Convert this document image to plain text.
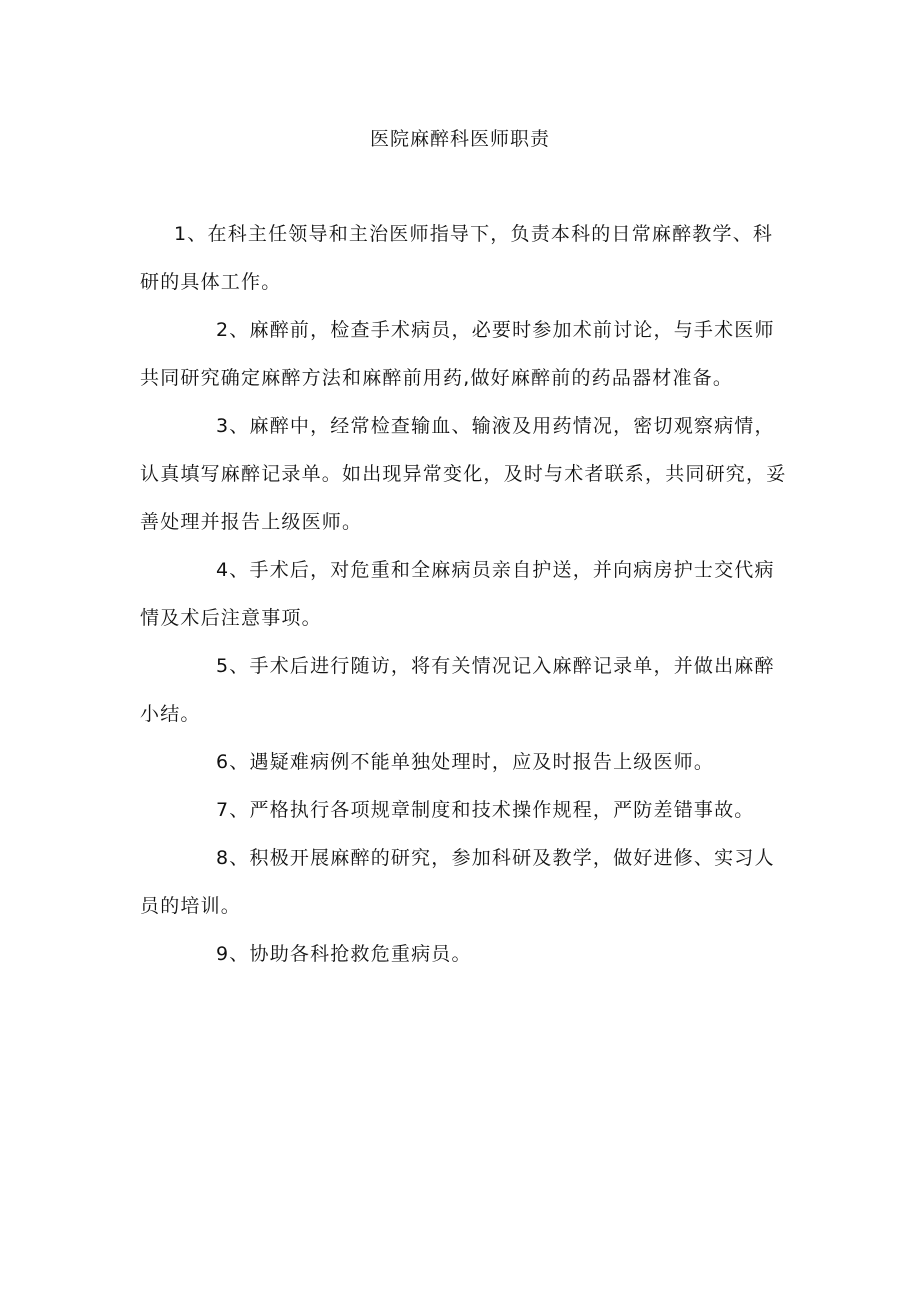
医院麻醉科医师职责

1、在科主任领导和主治医师指导下，负责本科的日常麻醉教学、科研的具体工作。

2、麻醉前，检查手术病员，必要时参加术前讨论，与手术医师共同研究确定麻醉方法和麻醉前用药,做好麻醉前的药品器材准备。

3、麻醉中，经常检查输血、输液及用药情况，密切观察病情，认真填写麻醉记录单。如出现异常变化，及时与术者联系，共同研究，妥善处理并报告上级医师。

4、手术后，对危重和全麻病员亲自护送，并向病房护士交代病情及术后注意事项。

5、手术后进行随访，将有关情况记入麻醉记录单，并做出麻醉小结。

6、遇疑难病例不能单独处理时，应及时报告上级医师。

7、严格执行各项规章制度和技术操作规程，严防差错事故。

8、积极开展麻醉的研究，参加科研及教学，做好进修、实习人员的培训。

9、协助各科抢救危重病员。
